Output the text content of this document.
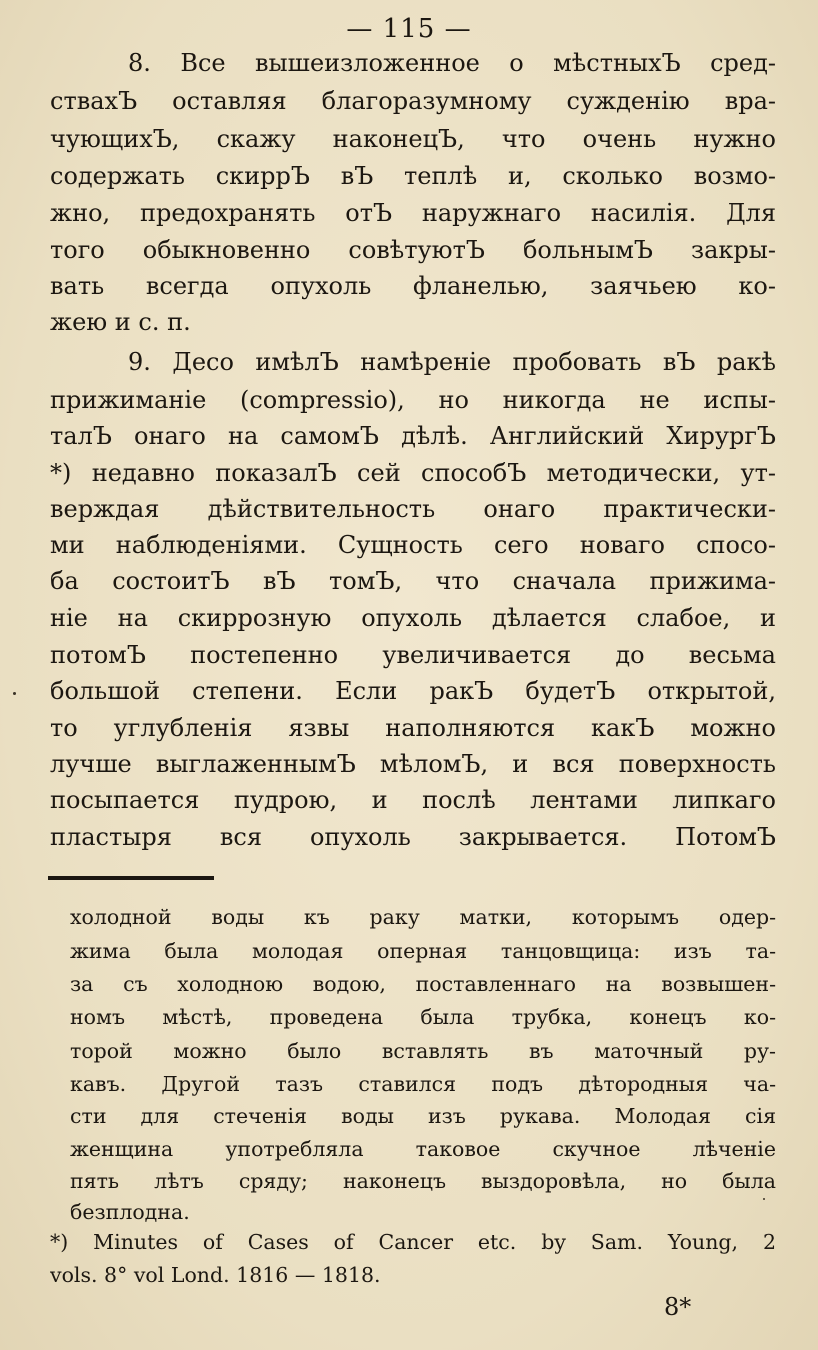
— 115 —
8. Все вышеизложенное о мѣстныхЪ сред-
ствахЪ оставляя благоразумному сужденію вра-
чующихЪ, скажу наконецЪ, что очень нужно
содержать скиррЪ вЪ теплѣ и, сколько возмо-
жно, предохранять отЪ наружнаго насилія. Для
того обыкновенно совѣтуютЪ больнымЪ закры-
вать всегда опухоль фланелью, заячьею ко-
жею и с. п.
9. Десо имѣлЪ намѣреніе пробовать вЪ ракѣ
прижиманіе (compressio), но никогда не испы-
талЪ онаго на самомЪ дѣлѣ. Английский ХирургЪ
*) недавно показалЪ сей способЪ методически, ут-
верждая дѣйствительность онаго практически-
ми наблюденіями. Сущность сего новаго спосо-
ба состоитЪ вЪ томЪ, что сначала прижима-
ніе на скиррозную опухоль дѣлается слабое, и
потомЪ постепенно увеличивается до весьма
большой степени. Если ракЪ будетЪ открытой,
то углубленія язвы наполняются какЪ можно
лучше выглаженнымЪ мѣломЪ, и вся поверхность
посыпается пудрою, и послѣ лентами липкаго
пластыря вся опухоль закрывается. ПотомЪ
холодной воды къ раку матки, которымъ одер-
жима была молодая оперная танцовщица: изъ та-
за съ холодною водою, поставленнаго на возвышен-
номъ мѣстѣ, проведена была трубка, конецъ ко-
торой можно было вставлять въ маточный ру-
кавъ. Другой тазъ ставился подъ дѣтородныя ча-
сти для стеченія воды изъ рукава. Молодая сія
женщина употребляла таковое скучное лѣченіе
пять лѣтъ сряду; наконецъ выздоровѣла, но была
безплодна.
*) Minutes of Cases of Cancer etc. by Sam. Young, 2
vols. 8° vol Lond. 1816 — 1818.
8*
